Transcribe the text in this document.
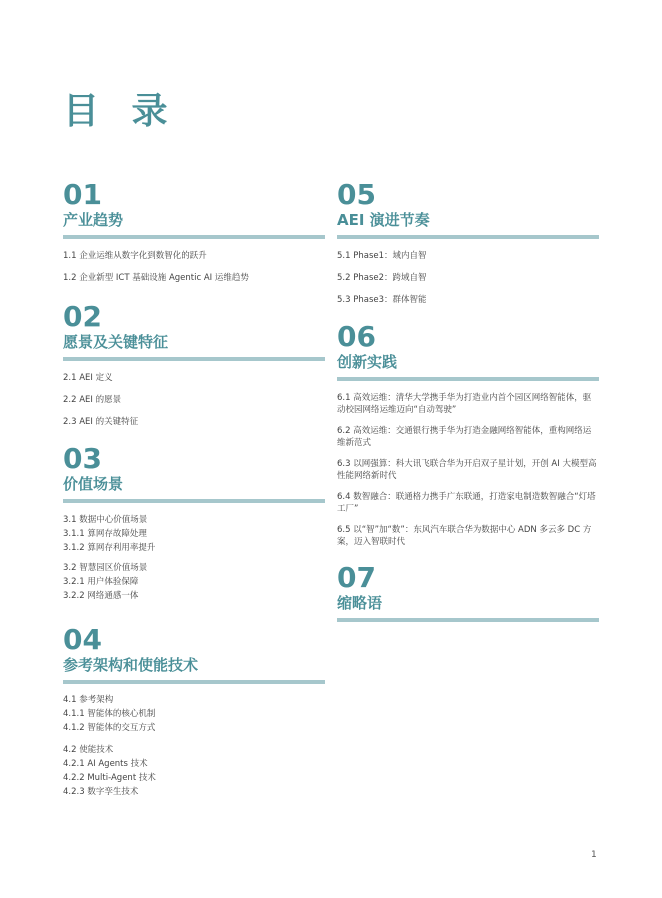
目 录
01
产业趋势
1.1 企业运维从数字化到数智化的跃升
1.2 企业新型 ICT 基础设施 Agentic AI 运维趋势
02
愿景及关键特征
2.1 AEI 定义
2.2 AEI 的愿景
2.3 AEI 的关键特征
03
价值场景
3.1 数据中心价值场景
3.1.1 算网存故障处理
3.1.2 算网存利用率提升
3.2 智慧园区价值场景
3.2.1 用户体验保障
3.2.2 网络通感一体
04
参考架构和使能技术
4.1 参考架构
4.1.1 智能体的核心机制
4.1.2 智能体的交互方式
4.2 使能技术
4.2.1 AI Agents 技术
4.2.2 Multi-Agent 技术
4.2.3 数字孪生技术
05
AEI 演进节奏
5.1 Phase1：域内自智
5.2 Phase2：跨域自智
5.3 Phase3：群体智能
06
创新实践
6.1 高效运维：清华大学携手华为打造业内首个园区网络智能体，驱动校园网络运维迈向“自动驾驶”
6.2 高效运维：交通银行携手华为打造金融网络智能体，重构网络运维新范式
6.3 以网强算：科大讯飞联合华为开启双子星计划，开创 AI 大模型高性能网络新时代
6.4 数智融合：联通格力携手广东联通，打造家电制造数智融合“灯塔工厂”
6.5 以“智”加“数”：东风汽车联合华为数据中心 ADN 多云多 DC 方案，迈入智联时代
07
缩略语
1
